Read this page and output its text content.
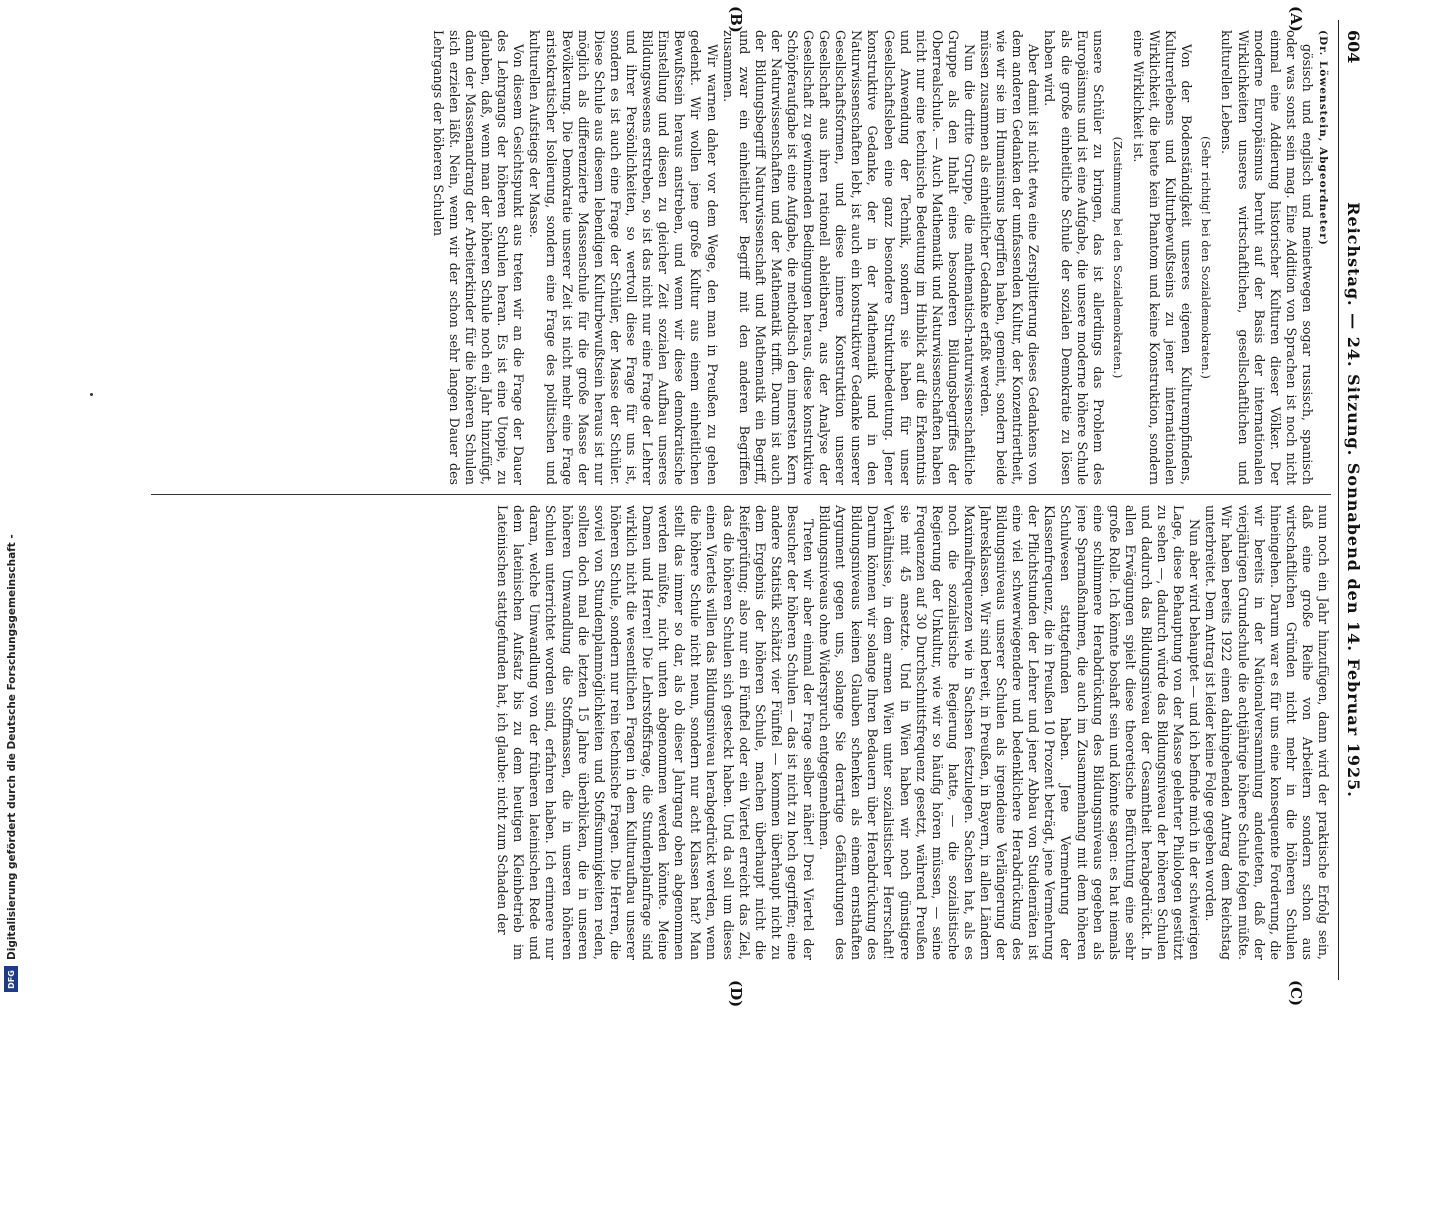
Digitalisierung gefördert durch die Deutsche Forschungsgemeinschaft -
DFG
604
Reichstag. — 24. Sitzung. Sonnabend den 14. Februar 1925.

(Dr. Löwenstein, Abgeordneter)

gösisch und englisch und meinetwegen sogar russisch, spanisch oder was sonst sein mag. Eine Addition von Sprachen ist noch nicht einmal eine Addierung historischer Kulturen dieser Völker. Der moderne Europäismus beruht auf der Basis der internationalen Wirklichkeiten unseres wirtschaftlichen, gesellschaftlichen und kulturellen Lebens.

(Sehr richtig! bei den Sozialdemokraten.)

Von der Bodenständigkeit unseres eigenen Kulturempfindens, Kulturerlebens und Kulturbewußtseins zu jener internationalen Wirklichkeit, die heute kein Phantom und keine Konstruktion, sondern eine Wirklichkeit ist.

(Zustimmung bei den Sozialdemokraten.)

unsere Schüler zu bringen, das ist allerdings das Problem des Europäismus und ist eine Aufgabe, die unsere moderne höhere Schule als die große einheitliche Schule der sozialen Demokratie zu lösen haben wird.

Aber damit ist nicht etwa eine Zersplitterung dieses Gedankens von dem anderen Gedanken der umfassenden Kultur, der Konzentriertheit, wie wir sie im Humanismus begriffen haben, gemeint, sondern beide müssen zusammen als einheitlicher Gedanke erfaßt werden.

Nun die dritte Gruppe, die mathematisch-naturwissenschaftliche Gruppe als den Inhalt eines besonderen Bildungsbegriffes der Oberrealschule. — Auch Mathematik und Naturwissenschaften haben nicht nur eine technische Bedeutung im Hinblick auf die Erkenntnis und Anwendung der Technik, sondern sie haben für unser Gesellschaftsleben eine ganz besondere Strukturbedeutung. Jener konstruktive Gedanke, der in der Mathematik und in den Naturwissenschaften lebt, ist auch ein konstruktiver Gedanke unserer Gesellschaftsformen, und diese innere Konstruktion unserer Gesellschaft aus ihren rationell ableitbaren, aus der Analyse der Gesellschaft zu gewinnenden Bedingungen heraus, diese konstruktive Schöpferaufgabe ist eine Aufgabe, die methodisch den innersten Kern der Naturwissenschaften und der Mathematik trifft. Darum ist auch der Bildungsbegriff Naturwissenschaft und Mathematik ein Begriff, und zwar ein einheitlicher Begriff mit den anderen Begriffen zusammen.

Wir warnen daher vor dem Wege, den man in Preußen zu gehen gedenkt. Wir wollen jene große Kultur aus einem einheitlichen Bewußtsein heraus anstreben, und wenn wir diese demokratische Einstellung und diesen zu gleicher Zeit sozialen Aufbau unseres Bildungswesens erstreben, so ist das nicht nur eine Frage der Lehrer und ihrer Persönlichkeiten, so wertvoll diese Frage für uns ist, sondern es ist auch eine Frage der Schüler, der Masse der Schüler. Diese Schule aus diesem lebendigen Kulturbewußtsein heraus ist nur möglich als differenzierte Massenschule für die große Masse der Bevölkerung. Die Demokratie unserer Zeit ist nicht mehr eine Frage aristokratischer Isolierung, sondern eine Frage des politischen und kulturellen Aufstiegs der Masse.

Von diesem Gesichtspunkt aus treten wir an die Frage der Dauer des Lehrgangs der höheren Schulen heran. Es ist eine Utopie, zu glauben, daß, wenn man der höheren Schule noch ein Jahr hinzufügt, dann der Massenandrang der Arbeiterkinder für die höheren Schulen sich erzielen läßt. Nein, wenn wir der schon sehr langen Dauer des Lehrgangs der höheren Schulen

nun noch ein Jahr hinzufügen, dann wird der praktische Erfolg sein, daß eine große Reihe von Arbeitern sondern schon aus wirtschaftlichen Gründen nicht mehr in die höheren Schulen hineingehen. Darum war es für uns eine konsequente Forderung, die wir bereits in der Nationalversammlung andeuteten, daß der vierjährigen Grundschule die achtjährige höhere Schule folgen müßte. Wir haben bereits 1922 einen dahingehenden Antrag dem Reichstag unterbreitet. Dem Antrag ist leider keine Folge gegeben worden.

Nun aber wird behauptet — und ich befinde mich in der schwierigen Lage, diese Behauptung von der Masse gelehrter Philologen gestützt zu sehen —, dadurch würde das Bildungsniveau der höheren Schulen und dadurch das Bildungsniveau der Gesamtheit herabgedrückt. In allen Erwägungen spielt diese theoretische Befürchtung eine sehr große Rolle. Ich könnte boshaft sein und könnte sagen: es hat niemals eine schlimmere Herabdrückung des Bildungsniveaus gegeben als jene Sparmaßnahmen, die auch im Zusammenhang mit dem höheren Schulwesen stattgefunden haben. Jene Vermehrung der Klassenfrequenz, die in Preußen 10 Prozent beträgt, jene Vermehrung der Pflichtstunden der Lehrer und jener Abbau von Studienräten ist eine viel schwerwiegendere und bedenklichere Herabdrückung des Bildungsniveaus unserer Schulen als irgendeine Verlängerung der Jahresklassen. Wir sind bereit, in Preußen, in Bayern, in allen Ländern Maximalfrequenzen wie in Sachsen festzulegen. Sachsen hat, als es noch die sozialistische Regierung hatte, — die sozialistische Regierung der Unkultur, wie wir so häufig hören müssen, — seine Frequenzen auf 30 Durchschnittsfrequenz gesetzt, während Preußen sie mit 45 ansetzte. Und in Wien haben wir noch günstigere Verhältnisse, in dem armen Wien unter sozialistischer Herrschaft! Darum können wir solange Ihren Bedauern über Herabdrückung des Bildungsniveaus keinen Glauben schenken als einem ernsthaften Argument gegen uns, solange Sie derartige Gefährdungen des Bildungsniveaus ohne Widerspruch entgegennehmen.

Treten wir aber einmal der Frage selber näher! Drei Viertel der Besucher der höheren Schulen — das ist nicht zu hoch gegriffen; eine andere Statistik schätzt vier Fünftel — kommen überhaupt nicht zu dem Ergebnis der höheren Schule, machen überhaupt nicht die Reifeprüfung; also nur ein Fünftel oder ein Viertel erreicht das Ziel, das die höheren Schulen sich gesteckt haben. Und da soll um dieses einen Viertels willen das Bildungsniveau herabgedrückt werden, wenn die höhere Schule nicht neun, sondern nur acht Klassen hat? Man stellt das immer so dar, als ob dieser Jahrgang oben abgenommen werden müßte, nicht unten abgenommen werden könnte. Meine Damen und Herren! Die Lehrstoffsfrage, die Stundenplanfrage sind wirklich nicht die wesentlichen Fragen in dem Kulturaufbau unserer höheren Schule, sondern nur rein technische Fragen. Die Herren, die soviel von Stundenplanmöglichkeiten und Stoffsummigkeiten reden, sollten doch mal die letzten 15 Jahre überblicken, die in unseren höheren Umwandlung die Stoffmassen, die in unseren höheren Schulen unterrichtet worden sind, erfahren haben. Ich erinnere nur daran, welche Umwandlung von der früheren lateinischen Rede und dem lateinischen Aufsatz bis zu dem heutigen Kleinbetrieb im Lateinischen stattgefunden hat, ich glaube: nicht zum Schaden der

(A)
(B)
(C)
(D)
